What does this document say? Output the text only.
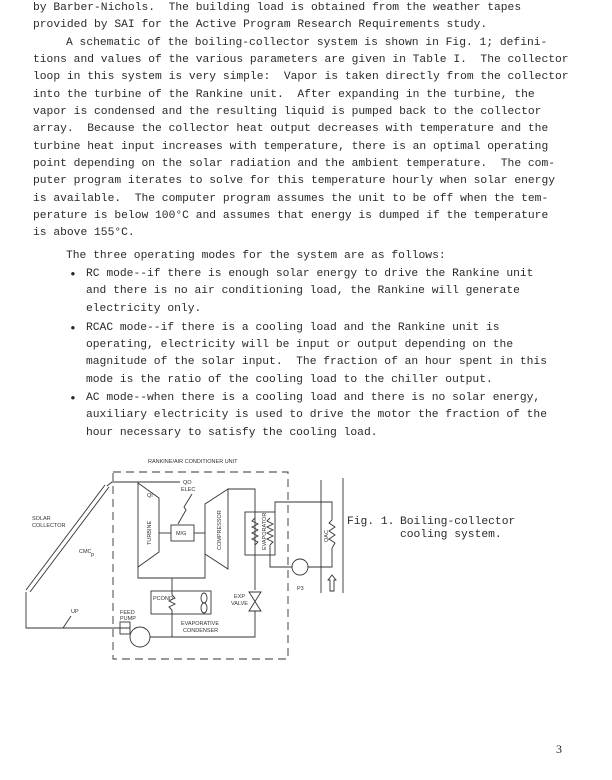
by Barber-Nichols.  The building load is obtained from the weather tapes
provided by SAI for the Active Program Research Requirements study.
A schematic of the boiling-collector system is shown in Fig. 1; defini-
tions and values of the various parameters are given in Table I.  The collector
loop in this system is very simple:  Vapor is taken directly from the collector
into the turbine of the Rankine unit.  After expanding in the turbine, the
vapor is condensed and the resulting liquid is pumped back to the collector
array.  Because the collector heat output decreases with temperature and the
turbine heat input increases with temperature, there is an optimal operating
point depending on the solar radiation and the ambient temperature.  The com-
puter program iterates to solve for this temperature hourly when solar energy
is available.  The computer program assumes the unit to be off when the tem-
perature is below 100°C and assumes that energy is dumped if the temperature
is above 155°C.
The three operating modes for the system are as follows:
• RC mode--if there is enough solar energy to drive the Rankine unit
and there is no air conditioning load, the Rankine will generate
electricity only.
• RCAC mode--if there is a cooling load and the Rankine unit is
operating, electricity will be input or output depending on the
magnitude of the solar input.  The fraction of an hour spent in this
mode is the ratio of the cooling load to the chiller output.
• AC mode--when there is a cooling load and there is no solar energy,
auxiliary electricity is used to drive the motor the fraction of the
hour necessary to satisfy the cooling load.
RANKINE/AIR CONDITIONER UNIT
SOLAR
COLLECTOR
CMC p
UP
TURBINE
QI
M/G
QO
ELEC
COMPRESSOR	EVAPORATOR	QAC
P3
PCOND	EXP
VALVE
EVAPORATIVE
CONDENSER
FEED
PUMP
Fig. 1. Boiling-collector
cooling system.
3
